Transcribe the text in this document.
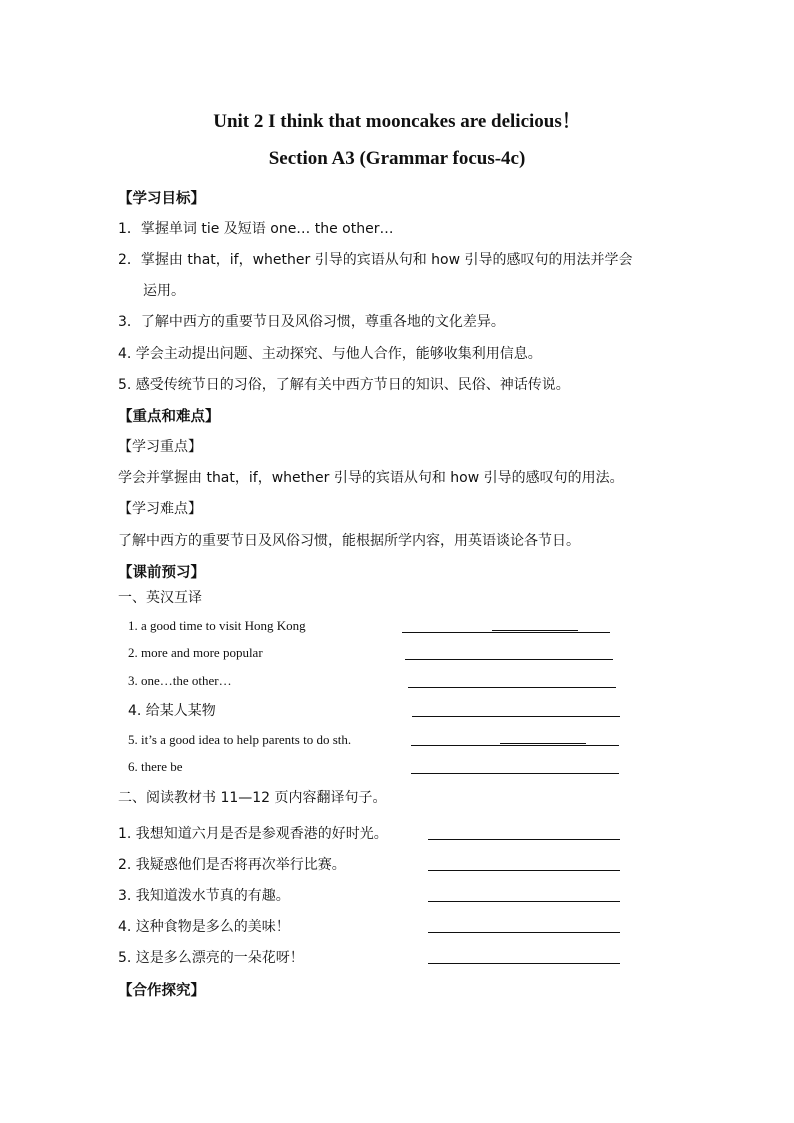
Unit 2 I think that mooncakes are delicious！
Section A3 (Grammar focus-4c)
【学习目标】
1．掌握单词 tie 及短语 one… the other…
2．掌握由 that，if，whether 引导的宾语从句和 how 引导的感叹句的用法并学会
运用。
3．了解中西方的重要节日及风俗习惯，尊重各地的文化差异。
4. 学会主动提出问题、主动探究、与他人合作，能够收集利用信息。
5. 感受传统节日的习俗，了解有关中西方节日的知识、民俗、神话传说。
【重点和难点】
【学习重点】
学会并掌握由 that，if，whether 引导的宾语从句和 how 引导的感叹句的用法。
【学习难点】
了解中西方的重要节日及风俗习惯，能根据所学内容，用英语谈论各节日。
【课前预习】
一、英汉互译
1. a good time to visit Hong Kong
2. more and more popular
3. one…the other…
4. 给某人某物
5. it’s a good idea to help parents to do sth.
6. there be
二、阅读教材书 11—12 页内容翻译句子。
1. 我想知道六月是否是参观香港的好时光。
2. 我疑惑他们是否将再次举行比赛。
3. 我知道泼水节真的有趣。
4. 这种食物是多么的美味！
5. 这是多么漂亮的一朵花呀！
【合作探究】
